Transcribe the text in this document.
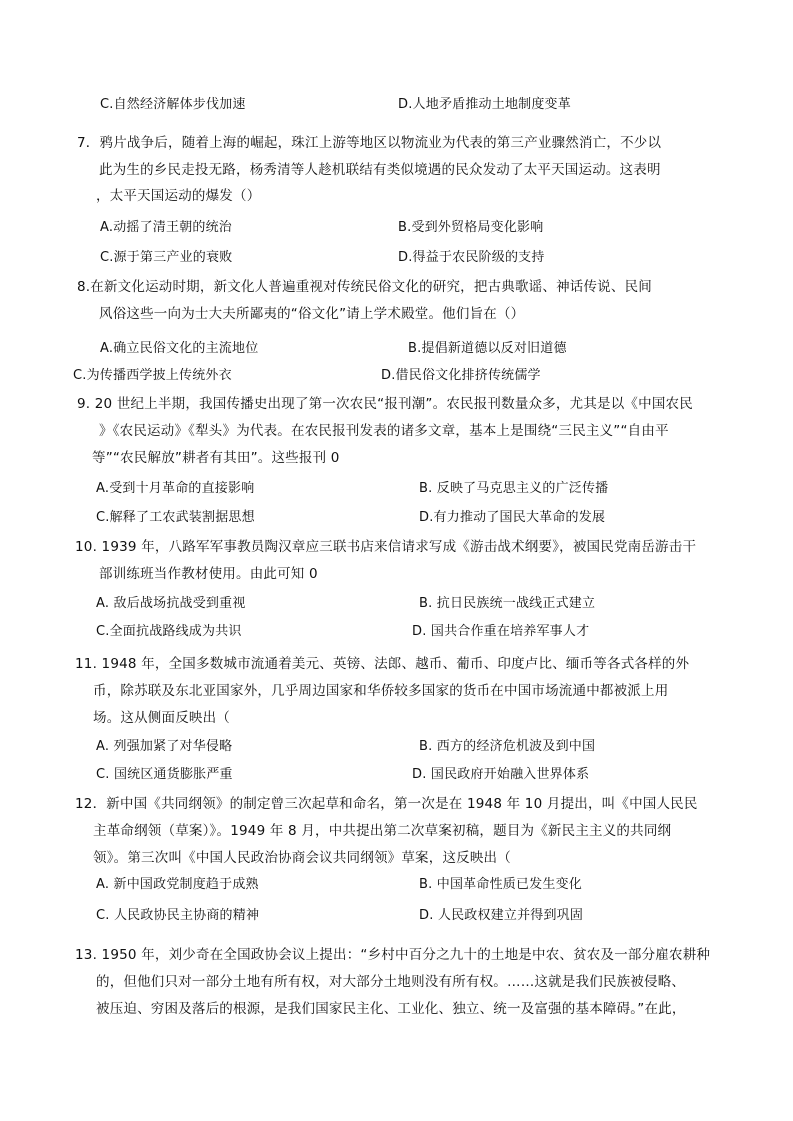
C.自然经济解体步伐加速	D.人地矛盾推动土地制度变革
7．鸦片战争后，随着上海的崛起，珠江上游等地区以物流业为代表的第三产业骤然消亡，不少以
此为生的乡民走投无路，杨秀清等人趁机联结有类似境遇的民众发动了太平天国运动。这表明
，太平天国运动的爆发（）
A.动摇了清王朝的统治	B.受到外贸格局变化影响
C.源于第三产业的衰败	D.得益于农民阶级的支持
8.在新文化运动时期，新文化人普遍重视对传统民俗文化的研究，把古典歌谣、神话传说、民间
风俗这些一向为士大夫所鄙夷的“俗文化”请上学术殿堂。他们旨在（）
A.确立民俗文化的主流地位	B.提倡新道德以反对旧道德
C.为传播西学披上传统外衣	D.借民俗文化排挤传统儒学
9. 20 世纪上半期，我国传播史出现了第一次农民“报刊潮”。农民报刊数量众多，尤其是以《中国农民
》《农民运动》《犁头》为代表。在农民报刊发表的诸多文章，基本上是围绕“三民主义”“自由平
等”“农民解放”耕者有其田”。这些报刊 0
A.受到十月革命的直接影响	B. 反映了马克思主义的广泛传播
C.解释了工农武装割据思想	D.有力推动了国民大革命的发展
10. 1939 年，八路军军事教员陶汉章应三联书店来信请求写成《游击战术纲要》，被国民党南岳游击干
部训练班当作教材使用。由此可知 0
A. 敌后战场抗战受到重视	B. 抗日民族统一战线正式建立
C.全面抗战路线成为共识	D. 国共合作重在培养军事人才
11. 1948 年，全国多数城市流通着美元、英镑、法郎、越币、葡币、印度卢比、缅币等各式各样的外
币，除苏联及东北亚国家外，几乎周边国家和华侨较多国家的货币在中国市场流通中都被派上用
场。这从侧面反映出（
A. 列强加紧了对华侵略	B. 西方的经济危机波及到中国
C. 国统区通货膨胀严重	D. 国民政府开始融入世界体系
12．新中国《共同纲领》的制定曾三次起草和命名，第一次是在 1948 年 10 月提出，叫《中国人民民
主革命纲领（草案）》。1949 年 8 月，中共提出第二次草案初稿，题目为《新民主主义的共同纲
领》。第三次叫《中国人民政治协商会议共同纲领》草案，这反映出（
A. 新中国政党制度趋于成熟	B. 中国革命性质已发生变化
C. 人民政协民主协商的精神	D. 人民政权建立并得到巩固
13. 1950 年，刘少奇在全国政协会议上提出：“乡村中百分之九十的土地是中农、贫农及一部分雇农耕种
的，但他们只对一部分土地有所有权，对大部分土地则没有所有权。……这就是我们民族被侵略、
被压迫、穷困及落后的根源，是我们国家民主化、工业化、独立、统一及富强的基本障碍。”在此，
